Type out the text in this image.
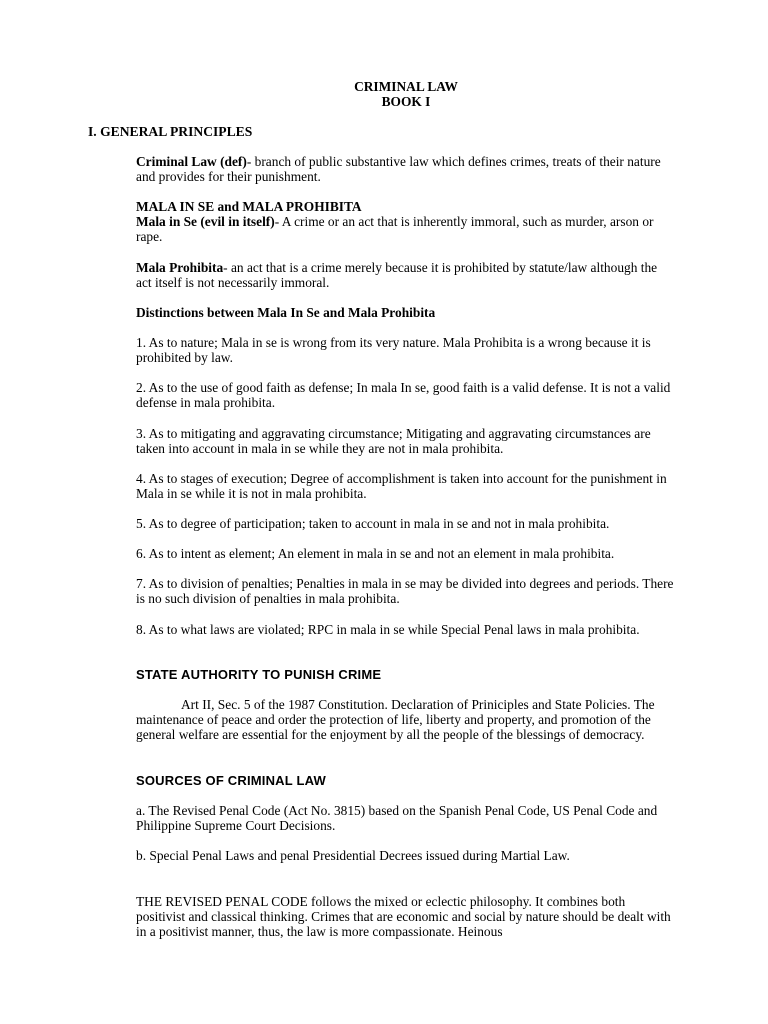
CRIMINAL LAW
BOOK I
I. GENERAL PRINCIPLES

Criminal Law (def)- branch of public substantive law which defines crimes, treats of their nature and provides for their punishment.

MALA IN SE and MALA PROHIBITA

Mala in Se (evil in itself)- A crime or an act that is inherently immoral, such as murder, arson or rape.

Mala Prohibita- an act that is a crime merely because it is prohibited by statute/law although the act itself is not necessarily immoral.

Distinctions between Mala In Se and Mala Prohibita

1. As to nature; Mala in se is wrong from its very nature. Mala Prohibita is a wrong because it is prohibited by law.

2. As to the use of good faith as defense; In mala In se, good faith is a valid defense. It is not a valid defense in mala prohibita.

3. As to mitigating and aggravating circumstance; Mitigating and aggravating circumstances are taken into account in mala in se while they are not in mala prohibita.

4. As to stages of execution; Degree of accomplishment is taken into account for the punishment in Mala in se while it is not in mala prohibita.

5. As to degree of participation; taken to account in mala in se and not in mala prohibita.

6. As to intent as element; An element in mala in se and not an element in mala prohibita.

7. As to division of penalties; Penalties in mala in se may be divided into degrees and periods. There is no such division of penalties in mala prohibita.

8. As to what laws are violated; RPC in mala in se while Special Penal laws in mala prohibita.

STATE AUTHORITY TO PUNISH CRIME

Art II, Sec. 5 of the 1987 Constitution. Declaration of Priniciples and State Policies. The maintenance of peace and order the protection of life, liberty and property, and promotion of the general welfare are essential for the enjoyment by all the people of the blessings of democracy.

SOURCES OF CRIMINAL LAW

a. The Revised Penal Code (Act No. 3815) based on the Spanish Penal Code, US Penal Code and Philippine Supreme Court Decisions.

b. Special Penal Laws and penal Presidential Decrees issued during Martial Law.

THE REVISED PENAL CODE follows the mixed or eclectic philosophy. It combines both positivist and classical thinking. Crimes that are economic and social by nature should be dealt with in a positivist manner, thus, the law is more compassionate. Heinous
